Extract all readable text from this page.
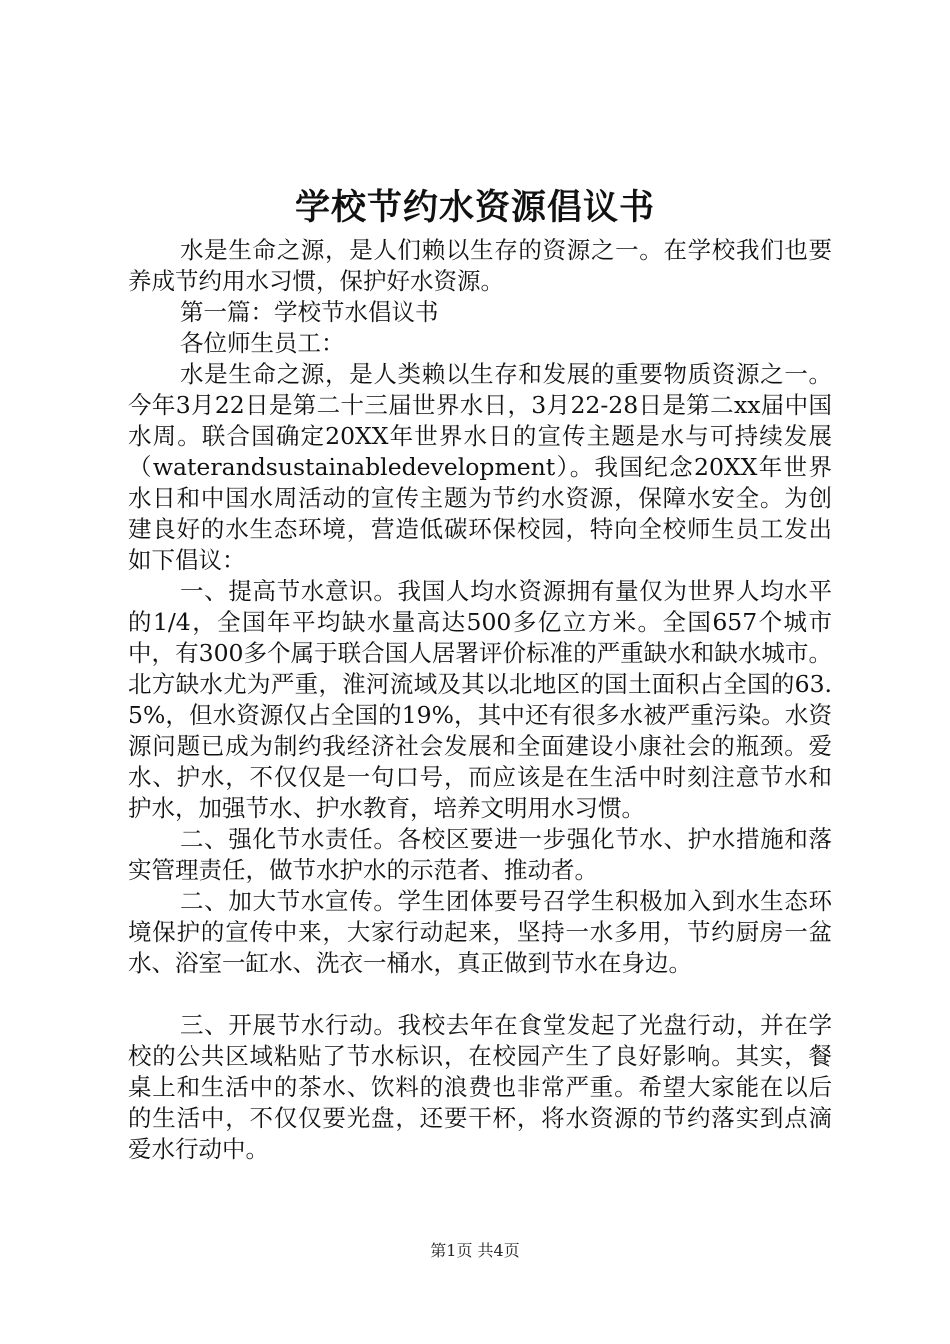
学校节约水资源倡议书

水是生命之源，是人们赖以生存的资源之一。在学校我们也要养成节约用水习惯，保护好水资源。

第一篇：学校节水倡议书

各位师生员工：

水是生命之源，是人类赖以生存和发展的重要物质资源之一。今年3月22日是第二十三届世界水日，3月22-28日是第二xx届中国水周。联合国确定20XX年世界水日的宣传主题是水与可持续发展（waterandsustainabledevelopment）。我国纪念20XX年世界水日和中国水周活动的宣传主题为节约水资源，保障水安全。为创建良好的水生态环境，营造低碳环保校园，特向全校师生员工发出如下倡议：

一、提高节水意识。我国人均水资源拥有量仅为世界人均水平的1/4，全国年平均缺水量高达500多亿立方米。全国657个城市中，有300多个属于联合国人居署评价标准的严重缺水和缺水城市。北方缺水尤为严重，淮河流域及其以北地区的国土面积占全国的63.5%，但水资源仅占全国的19%，其中还有很多水被严重污染。水资源问题已成为制约我经济社会发展和全面建设小康社会的瓶颈。爱水、护水，不仅仅是一句口号，而应该是在生活中时刻注意节水和护水，加强节水、护水教育，培养文明用水习惯。

二、强化节水责任。各校区要进一步强化节水、护水措施和落实管理责任，做节水护水的示范者、推动者。

二、加大节水宣传。学生团体要号召学生积极加入到水生态环境保护的宣传中来，大家行动起来，坚持一水多用，节约厨房一盆水、浴室一缸水、洗衣一桶水，真正做到节水在身边。

三、开展节水行动。我校去年在食堂发起了光盘行动，并在学校的公共区域粘贴了节水标识，在校园产生了良好影响。其实，餐桌上和生活中的茶水、饮料的浪费也非常严重。希望大家能在以后的生活中，不仅仅要光盘，还要干杯，将水资源的节约落实到点滴爱水行动中。

第1页 共4页
